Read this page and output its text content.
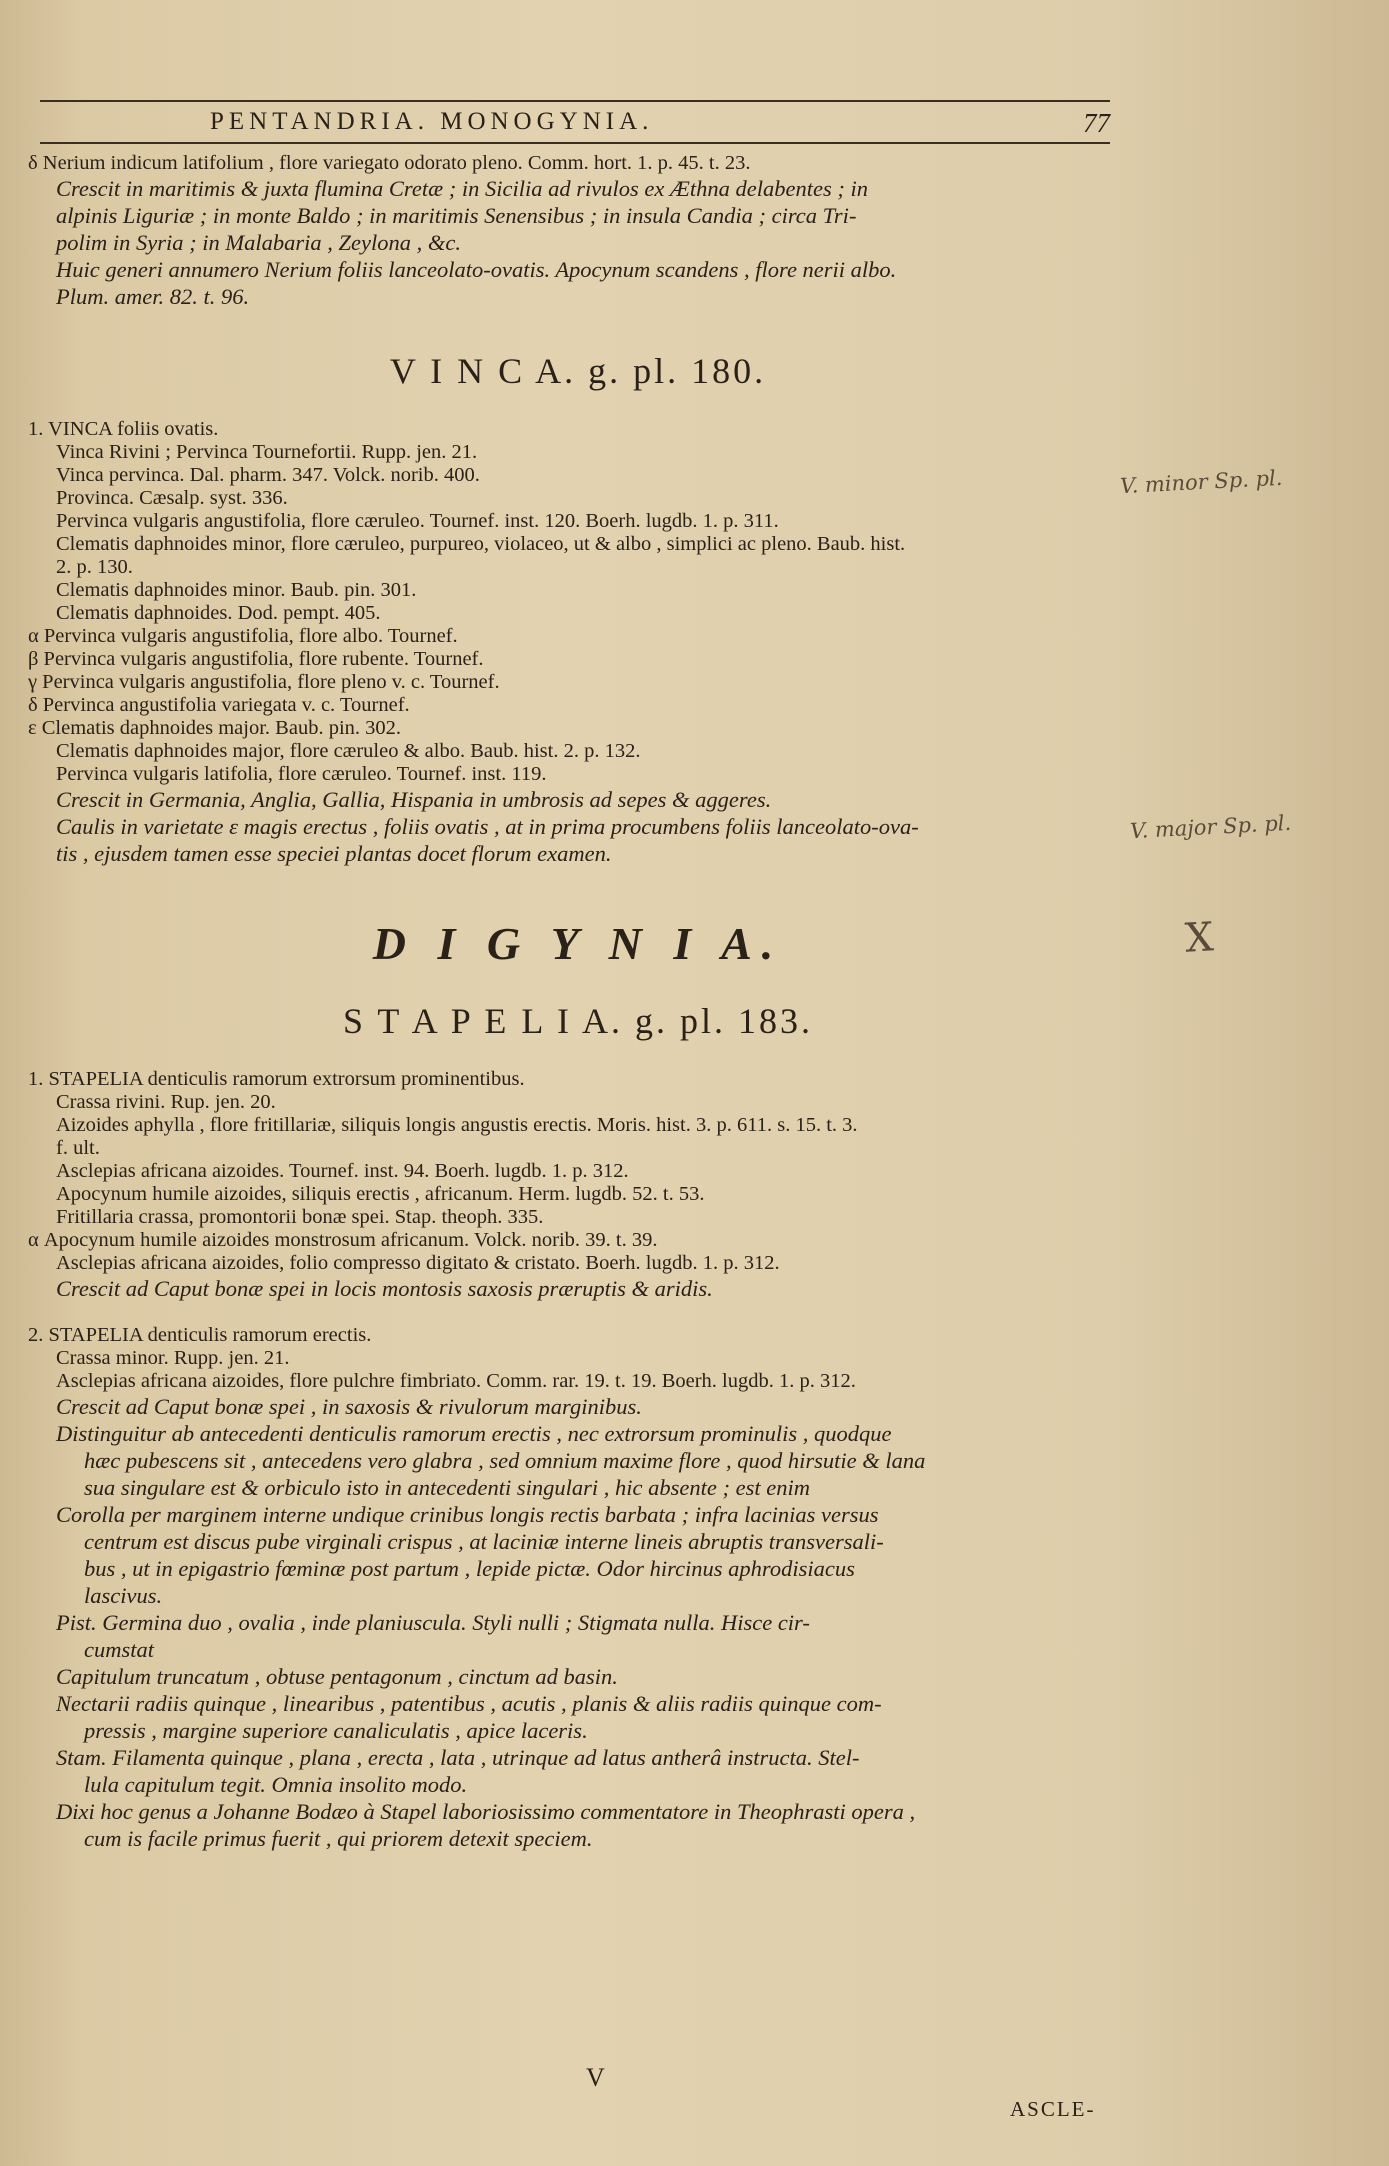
PENTANDRIA. MONOGYNIA.	77
δ Nerium indicum latifolium , flore variegato odorato pleno. Comm. hort. 1. p. 45. t. 23.
Crescit in maritimis & juxta flumina Cretæ ; in Sicilia ad rivulos ex Æthna delabentes ; in
alpinis Liguriæ ; in monte Baldo ; in maritimis Senensibus ; in insula Candia ; circa Tri-
polim in Syria ; in Malabaria , Zeylona , &c.
Huic generi annumero Nerium foliis lanceolato-ovatis. Apocynum scandens , flore nerii albo.
Plum. amer. 82. t. 96.
V I N C A. g. pl. 180.
1. VINCA foliis ovatis.
Vinca Rivini ; Pervinca Tournefortii. Rupp. jen. 21.
Vinca pervinca. Dal. pharm. 347. Volck. norib. 400.
Provinca. Cæsalp. syst. 336.
Pervinca vulgaris angustifolia, flore cæruleo. Tournef. inst. 120. Boerh. lugdb. 1. p. 311.
Clematis daphnoides minor, flore cæruleo, purpureo, violaceo, ut & albo , simplici ac pleno. Baub. hist.
2. p. 130.
Clematis daphnoides minor. Baub. pin. 301.
Clematis daphnoides. Dod. pempt. 405.
α Pervinca vulgaris angustifolia, flore albo. Tournef.
β Pervinca vulgaris angustifolia, flore rubente. Tournef.
γ Pervinca vulgaris angustifolia, flore pleno v. c. Tournef.
δ Pervinca angustifolia variegata v. c. Tournef.
ε Clematis daphnoides major. Baub. pin. 302.
Clematis daphnoides major, flore cæruleo & albo. Baub. hist. 2. p. 132.
Pervinca vulgaris latifolia, flore cæruleo. Tournef. inst. 119.
Crescit in Germania, Anglia, Gallia, Hispania in umbrosis ad sepes & aggeres.
Caulis in varietate ε magis erectus , foliis ovatis , at in prima procumbens foliis lanceolato-ova-
tis , ejusdem tamen esse speciei plantas docet florum examen.
D I G Y N I A.
S T A P E L I A. g. pl. 183.
1. STAPELIA denticulis ramorum extrorsum prominentibus.
Crassa rivini. Rup. jen. 20.
Aizoides aphylla , flore fritillariæ, siliquis longis angustis erectis. Moris. hist. 3. p. 611. s. 15. t. 3.
f. ult.
Asclepias africana aizoides. Tournef. inst. 94. Boerh. lugdb. 1. p. 312.
Apocynum humile aizoides, siliquis erectis , africanum. Herm. lugdb. 52. t. 53.
Fritillaria crassa, promontorii bonæ spei. Stap. theoph. 335.
α Apocynum humile aizoides monstrosum africanum. Volck. norib. 39. t. 39.
Asclepias africana aizoides, folio compresso digitato & cristato. Boerh. lugdb. 1. p. 312.
Crescit ad Caput bonæ spei in locis montosis saxosis præruptis & aridis.
2. STAPELIA denticulis ramorum erectis.
Crassa minor. Rupp. jen. 21.
Asclepias africana aizoides, flore pulchre fimbriato. Comm. rar. 19. t. 19. Boerh. lugdb. 1. p. 312.
Crescit ad Caput bonæ spei , in saxosis & rivulorum marginibus.
Distinguitur ab antecedenti denticulis ramorum erectis , nec extrorsum prominulis , quodque
hæc pubescens sit , antecedens vero glabra , sed omnium maxime flore , quod hirsutie & lana
sua singulare est & orbiculo isto in antecedenti singulari , hic absente ; est enim
Corolla per marginem interne undique crinibus longis rectis barbata ; infra lacinias versus
centrum est discus pube virginali crispus , at laciniæ interne lineis abruptis transversali-
bus , ut in epigastrio fœminæ post partum , lepide pictæ. Odor hircinus aphrodisiacus
lascivus.
Pist. Germina duo , ovalia , inde planiuscula. Styli nulli ; Stigmata nulla. Hisce cir-
cumstat
Capitulum truncatum , obtuse pentagonum , cinctum ad basin.
Nectarii radiis quinque , linearibus , patentibus , acutis , planis & aliis radiis quinque com-
pressis , margine superiore canaliculatis , apice laceris.
Stam. Filamenta quinque , plana , erecta , lata , utrinque ad latus antherâ instructa. Stel-
lula capitulum tegit. Omnia insolito modo.
Dixi hoc genus a Johanne Bodæo à Stapel laboriosissimo commentatore in Theophrasti opera ,
cum is facile primus fuerit , qui priorem detexit speciem.
V. minor Sp. pl.
V. major Sp. pl.
X
V
ASCLE-
